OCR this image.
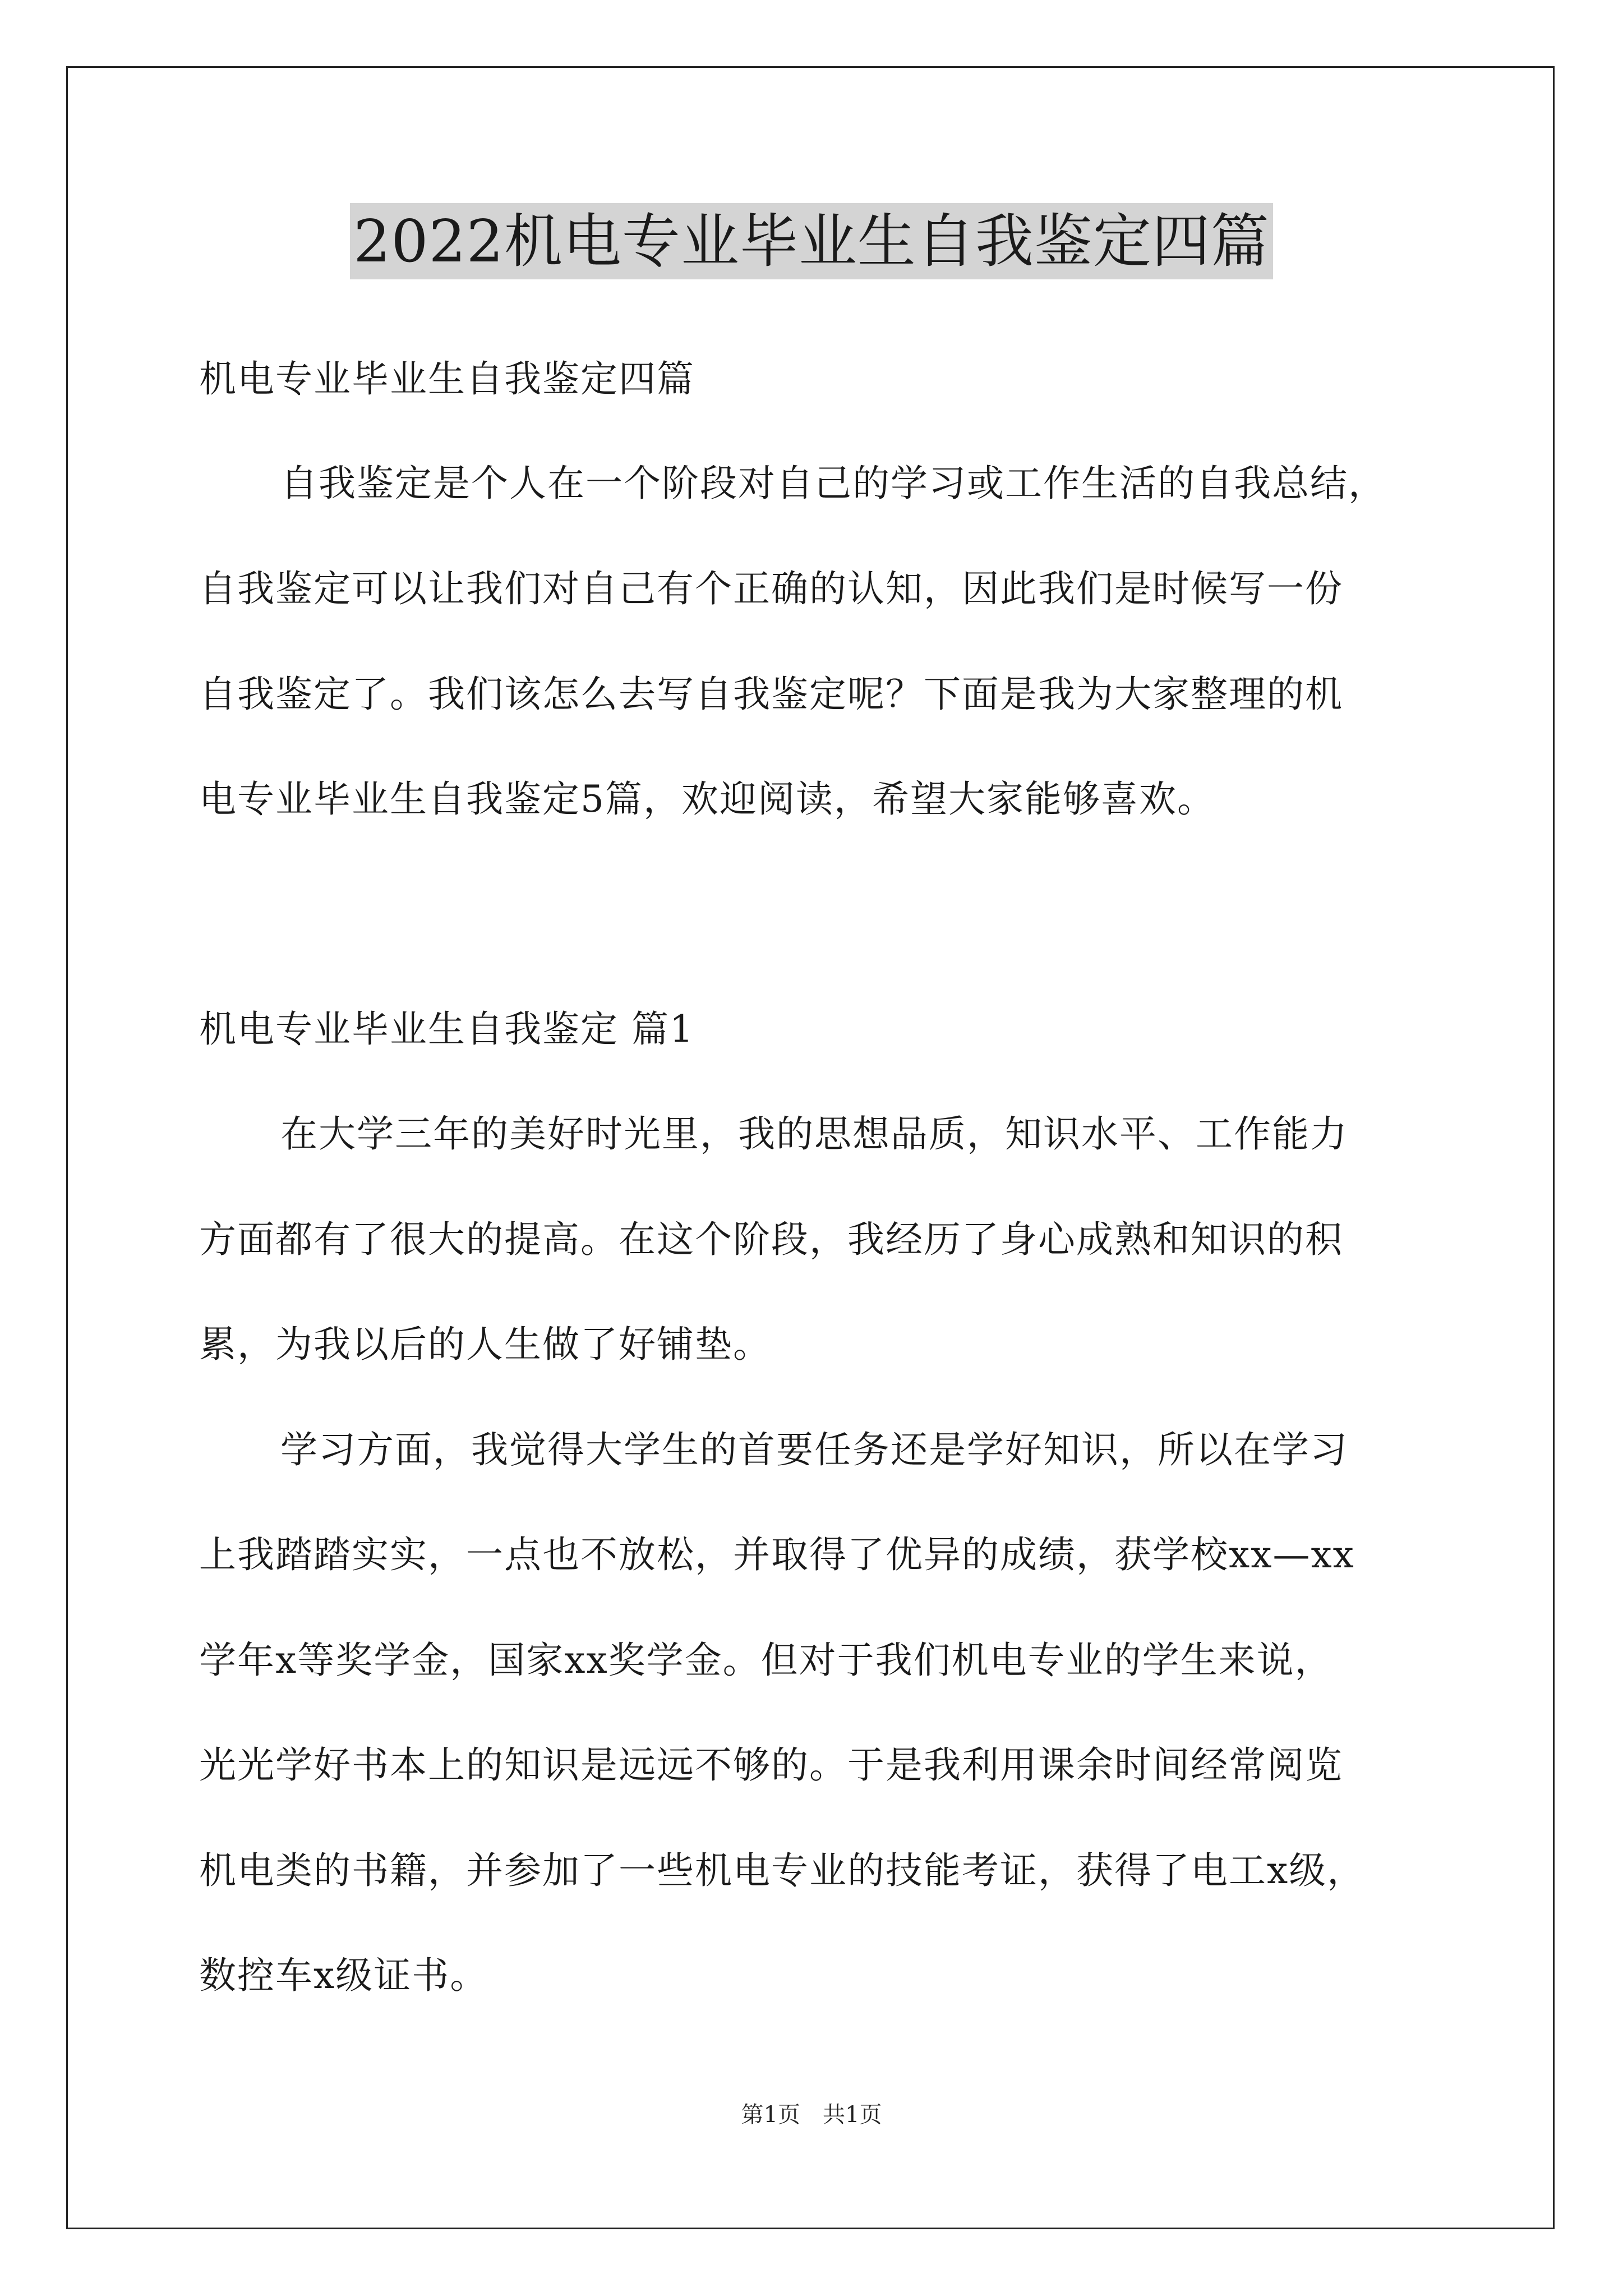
2022机电专业毕业生自我鉴定四篇
机电专业毕业生自我鉴定四篇
自我鉴定是个人在一个阶段对自己的学习或工作生活的自我总结，
自我鉴定可以让我们对自己有个正确的认知，因此我们是时候写一份
自我鉴定了。我们该怎么去写自我鉴定呢？下面是我为大家整理的机
电专业毕业生自我鉴定5篇，欢迎阅读，希望大家能够喜欢。
机电专业毕业生自我鉴定 篇1
在大学三年的美好时光里，我的思想品质，知识水平、工作能力
方面都有了很大的提高。在这个阶段，我经历了身心成熟和知识的积
累，为我以后的人生做了好铺垫。
学习方面，我觉得大学生的首要任务还是学好知识，所以在学习
上我踏踏实实，一点也不放松，并取得了优异的成绩，获学校xx—xx
学年x等奖学金，国家xx奖学金。但对于我们机电专业的学生来说，
光光学好书本上的知识是远远不够的。于是我利用课余时间经常阅览
机电类的书籍，并参加了一些机电专业的技能考证，获得了电工x级，
数控车x级证书。
第1页 共1页
